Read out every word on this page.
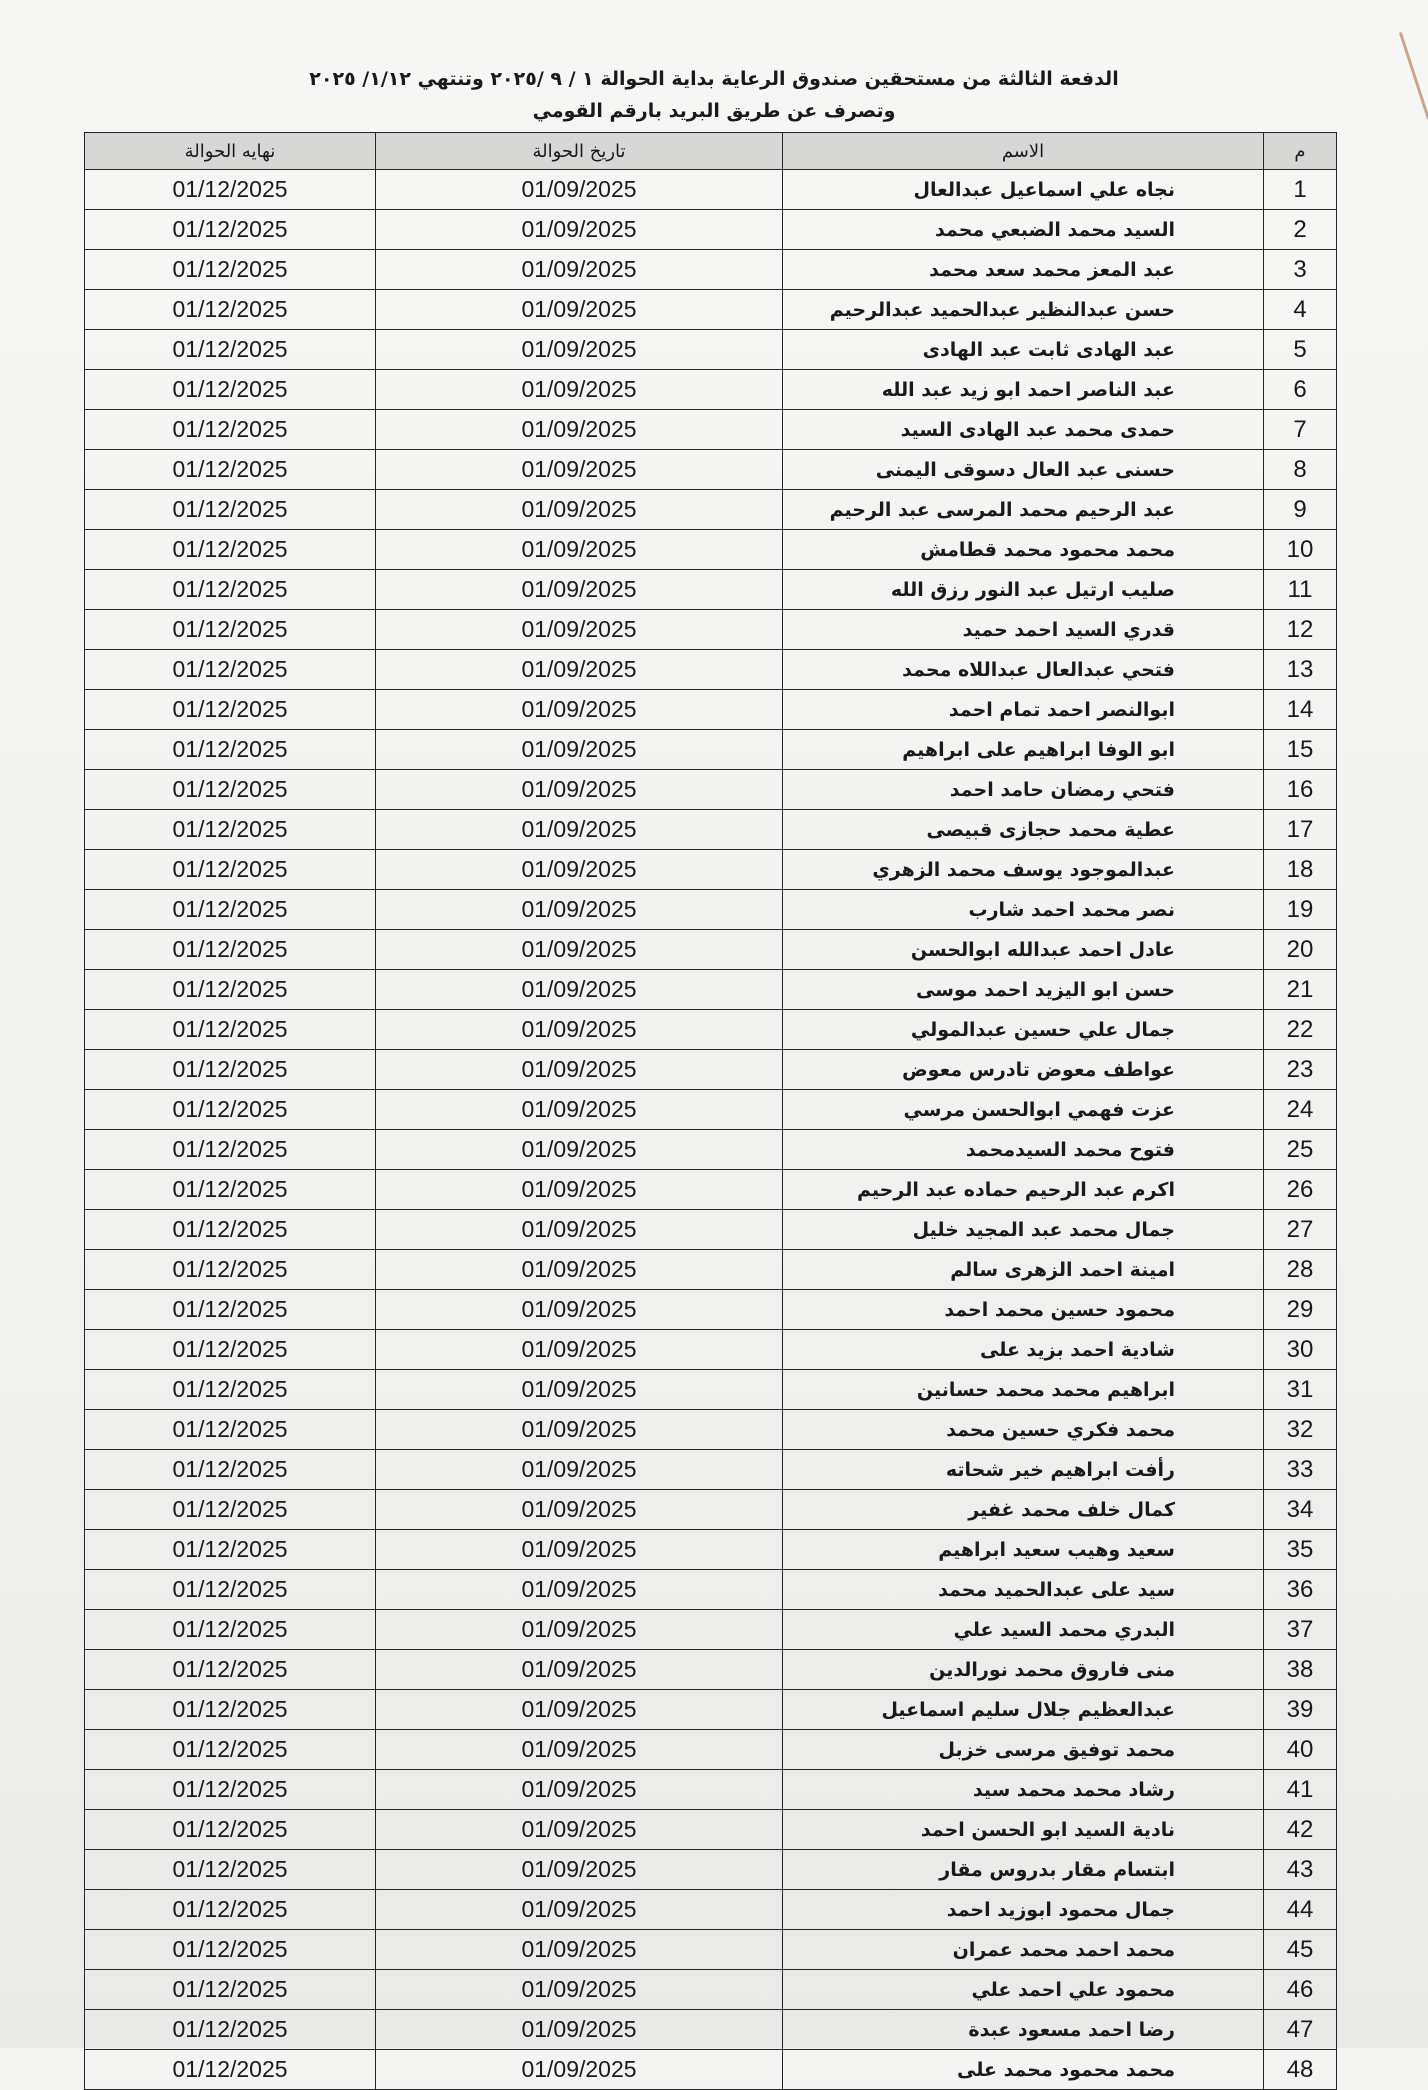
الدفعة الثالثة من مستحقين صندوق الرعاية بداية الحوالة ١ / ٩ /٢٠٢٥ وتنتهي ١/١٢/ ٢٠٢٥

وتصرف عن طريق البريد بارقم القومي

م	الاسم	تاريخ الحوالة	نهايه الحوالة
1	نجاه علي اسماعيل عبدالعال	01/09/2025	01/12/2025
2	السيد محمد الضبعي محمد	01/09/2025	01/12/2025
3	عبد المعز محمد سعد محمد	01/09/2025	01/12/2025
4	حسن عبدالنظير عبدالحميد عبدالرحيم	01/09/2025	01/12/2025
5	عبد الهادى ثابت عبد الهادى	01/09/2025	01/12/2025
6	عبد الناصر احمد ابو زيد عبد الله	01/09/2025	01/12/2025
7	حمدى محمد عبد الهادى السيد	01/09/2025	01/12/2025
8	حسنى عبد العال دسوقى اليمنى	01/09/2025	01/12/2025
9	عبد الرحيم محمد المرسى عبد الرحيم	01/09/2025	01/12/2025
10	محمد محمود محمد قطامش	01/09/2025	01/12/2025
11	صليب ارتيل عبد النور رزق الله	01/09/2025	01/12/2025
12	قدري السيد احمد حميد	01/09/2025	01/12/2025
13	فتحي عبدالعال عبداللاه محمد	01/09/2025	01/12/2025
14	ابوالنصر احمد تمام احمد	01/09/2025	01/12/2025
15	ابو الوفا ابراهيم على ابراهيم	01/09/2025	01/12/2025
16	فتحي رمضان حامد احمد	01/09/2025	01/12/2025
17	عطية محمد حجازى قبيصى	01/09/2025	01/12/2025
18	عبدالموجود يوسف محمد الزهري	01/09/2025	01/12/2025
19	نصر محمد احمد شارب	01/09/2025	01/12/2025
20	عادل احمد عبدالله ابوالحسن	01/09/2025	01/12/2025
21	حسن ابو اليزيد احمد موسى	01/09/2025	01/12/2025
22	جمال علي حسين عبدالمولي	01/09/2025	01/12/2025
23	عواطف معوض تادرس معوض	01/09/2025	01/12/2025
24	عزت فهمي ابوالحسن مرسي	01/09/2025	01/12/2025
25	فتوح محمد السيدمحمد	01/09/2025	01/12/2025
26	اكرم عبد الرحيم حماده عبد الرحيم	01/09/2025	01/12/2025
27	جمال محمد عبد المجيد خليل	01/09/2025	01/12/2025
28	امينة احمد الزهرى سالم	01/09/2025	01/12/2025
29	محمود حسين محمد احمد	01/09/2025	01/12/2025
30	شادية احمد بزيد على	01/09/2025	01/12/2025
31	ابراهيم محمد محمد حسانين	01/09/2025	01/12/2025
32	محمد فكري حسين محمد	01/09/2025	01/12/2025
33	رأفت ابراهيم خير شحاته	01/09/2025	01/12/2025
34	كمال خلف محمد غفير	01/09/2025	01/12/2025
35	سعيد وهيب سعيد ابراهيم	01/09/2025	01/12/2025
36	سيد على عبدالحميد محمد	01/09/2025	01/12/2025
37	البدري محمد السيد علي	01/09/2025	01/12/2025
38	منى فاروق محمد نورالدين	01/09/2025	01/12/2025
39	عبدالعظيم جلال سليم اسماعيل	01/09/2025	01/12/2025
40	محمد توفيق مرسى خزبل	01/09/2025	01/12/2025
41	رشاد محمد محمد سيد	01/09/2025	01/12/2025
42	نادية السيد ابو الحسن احمد	01/09/2025	01/12/2025
43	ابتسام مقار بدروس مقار	01/09/2025	01/12/2025
44	جمال محمود ابوزيد احمد	01/09/2025	01/12/2025
45	محمد احمد محمد عمران	01/09/2025	01/12/2025
46	محمود علي احمد علي	01/09/2025	01/12/2025
47	رضا احمد مسعود عبدة	01/09/2025	01/12/2025
48	محمد محمود محمد على	01/09/2025	01/12/2025
